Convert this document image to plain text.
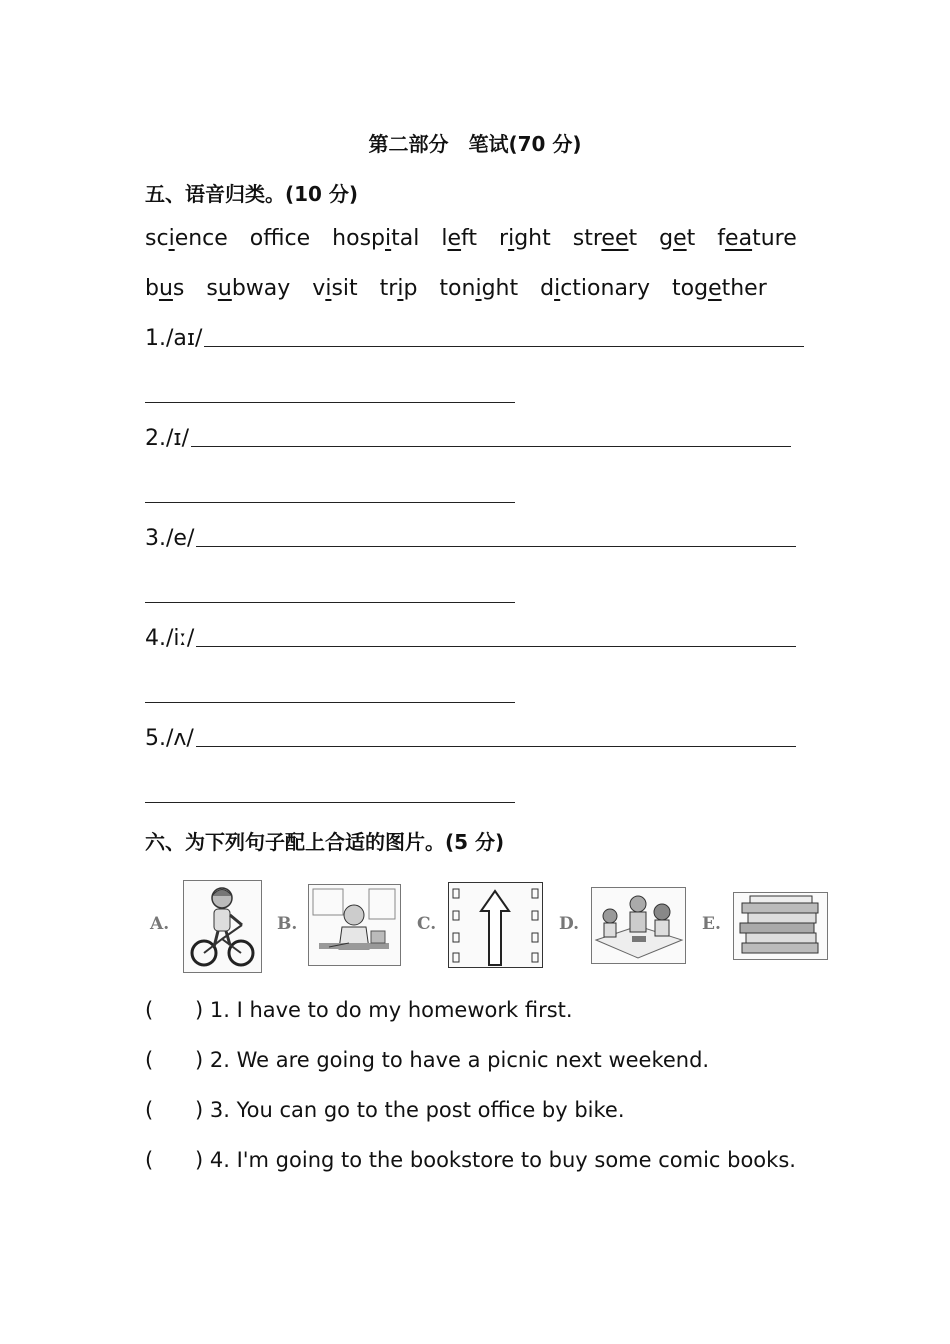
第二部分　笔试(70 分)
五、语音归类。(10 分)
science offce hospital left right street get feature
bus subway visit trip tonight dictionary together
1./aɪ/
2./ɪ/
3./e/
4./iː/
5./ʌ/
六、为下列句子配上合适的图片。(5 分)
A.	B.	C.	D.	E.
( ) 1. I have to do my homework first.
( ) 2. We are going to have a picnic next weekend.
( ) 3. You can go to the post office by bike.
( ) 4. I'm going to the bookstore to buy some comic books.
